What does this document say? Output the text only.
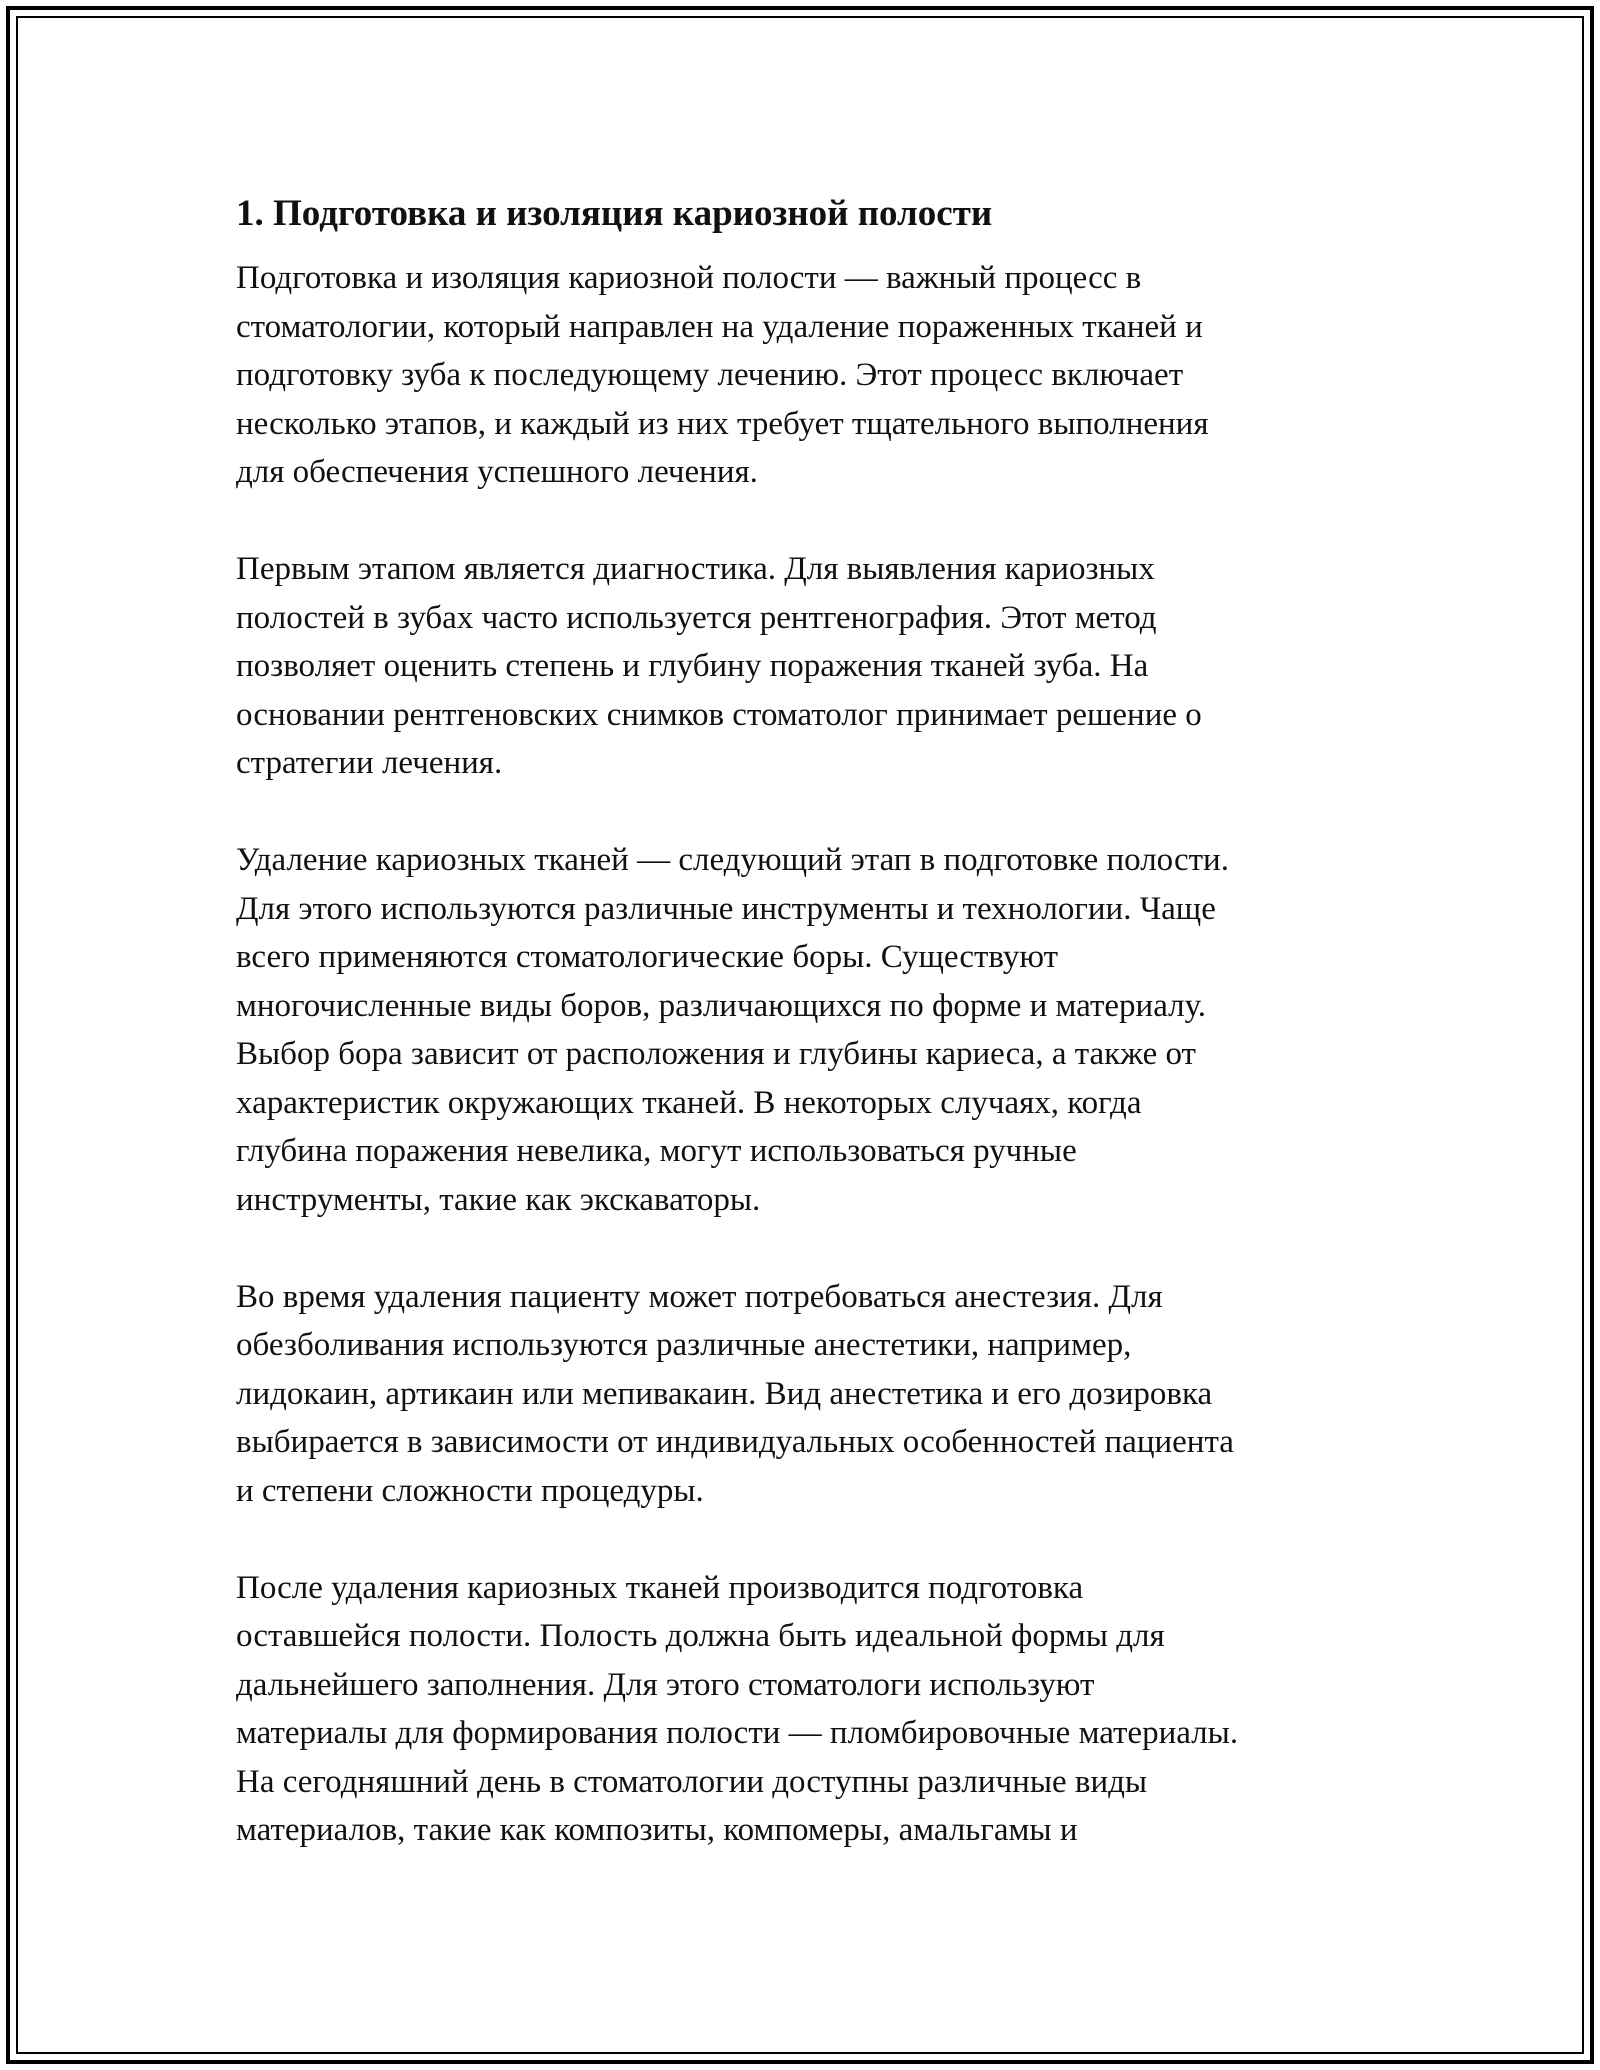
1. Подготовка и изоляция кариозной полости
Подготовка и изоляция кариозной полости — важный процесс в
стоматологии, который направлен на удаление пораженных тканей и
подготовку зуба к последующему лечению. Этот процесс включает
несколько этапов, и каждый из них требует тщательного выполнения
для обеспечения успешного лечения.
Первым этапом является диагностика. Для выявления кариозных
полостей в зубах часто используется рентгенография. Этот метод
позволяет оценить степень и глубину поражения тканей зуба. На
основании рентгеновских снимков стоматолог принимает решение о
стратегии лечения.
Удаление кариозных тканей — следующий этап в подготовке полости.
Для этого используются различные инструменты и технологии. Чаще
всего применяются стоматологические боры. Существуют
многочисленные виды боров, различающихся по форме и материалу.
Выбор бора зависит от расположения и глубины кариеса, а также от
характеристик окружающих тканей. В некоторых случаях, когда
глубина поражения невелика, могут использоваться ручные
инструменты, такие как экскаваторы.
Во время удаления пациенту может потребоваться анестезия. Для
обезболивания используются различные анестетики, например,
лидокаин, артикаин или мепивакаин. Вид анестетика и его дозировка
выбирается в зависимости от индивидуальных особенностей пациента
и степени сложности процедуры.
После удаления кариозных тканей производится подготовка
оставшейся полости. Полость должна быть идеальной формы для
дальнейшего заполнения. Для этого стоматологи используют
материалы для формирования полости — пломбировочные материалы.
На сегодняшний день в стоматологии доступны различные виды
материалов, такие как композиты, компомеры, амальгамы и
